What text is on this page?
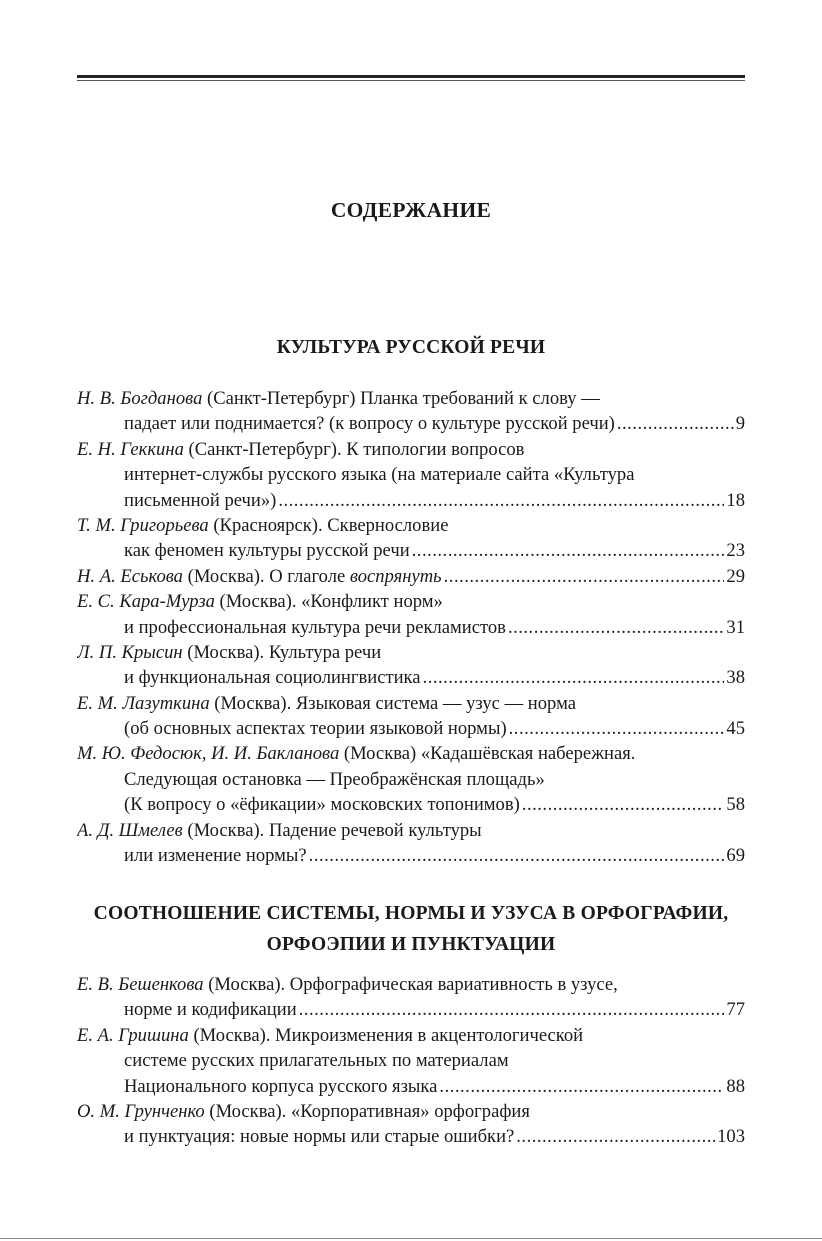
СОДЕРЖАНИЕ
КУЛЬТУРА РУССКОЙ РЕЧИ
Н. В. Богданова (Санкт-Петербург) Планка требований к слову —
падает или поднимается? (к вопросу о культуре русской речи) .....	9
Е. Н. Геккина (Санкт-Петербург). К типологии вопросов
интернет-службы русского языка (на материале сайта «Культура
письменной речи») .....	18
Т. М. Григорьева (Красноярск). Сквернословие
как феномен культуры русской речи .....	23
Н. А. Еськова (Москва). О глаголе воспрянуть .....	29
Е. С. Кара-Мурза (Москва). «Конфликт норм»
и профессиональная культура речи рекламистов .....	31
Л. П. Крысин (Москва). Культура речи
и функциональная социолингвистика .....	38
Е. М. Лазуткина (Москва). Языковая система — узус — норма
(об основных аспектах теории языковой нормы) .....	45
М. Ю. Федосюк, И. И. Бакланова (Москва) «Кадашёвская набережная.
Следующая остановка — Преображёнская площадь»
(К вопросу о «ёфикации» московских топонимов) .....	58
А. Д. Шмелев (Москва). Падение речевой культуры
или изменение нормы? .....	69
СООТНОШЕНИЕ СИСТЕМЫ, НОРМЫ И УЗУСА В ОРФОГРАФИИ,
ОРФОЭПИИ И ПУНКТУАЦИИ
Е. В. Бешенкова (Москва). Орфографическая вариативность в узусе,
норме и кодификации .....	77
Е. А. Гришина (Москва). Микроизменения в акцентологической
системе русских прилагательных по материалам
Национального корпуса русского языка .....	88
О. М. Грунченко (Москва). «Корпоративная» орфография
и пунктуация: новые нормы или старые ошибки? .....	103
